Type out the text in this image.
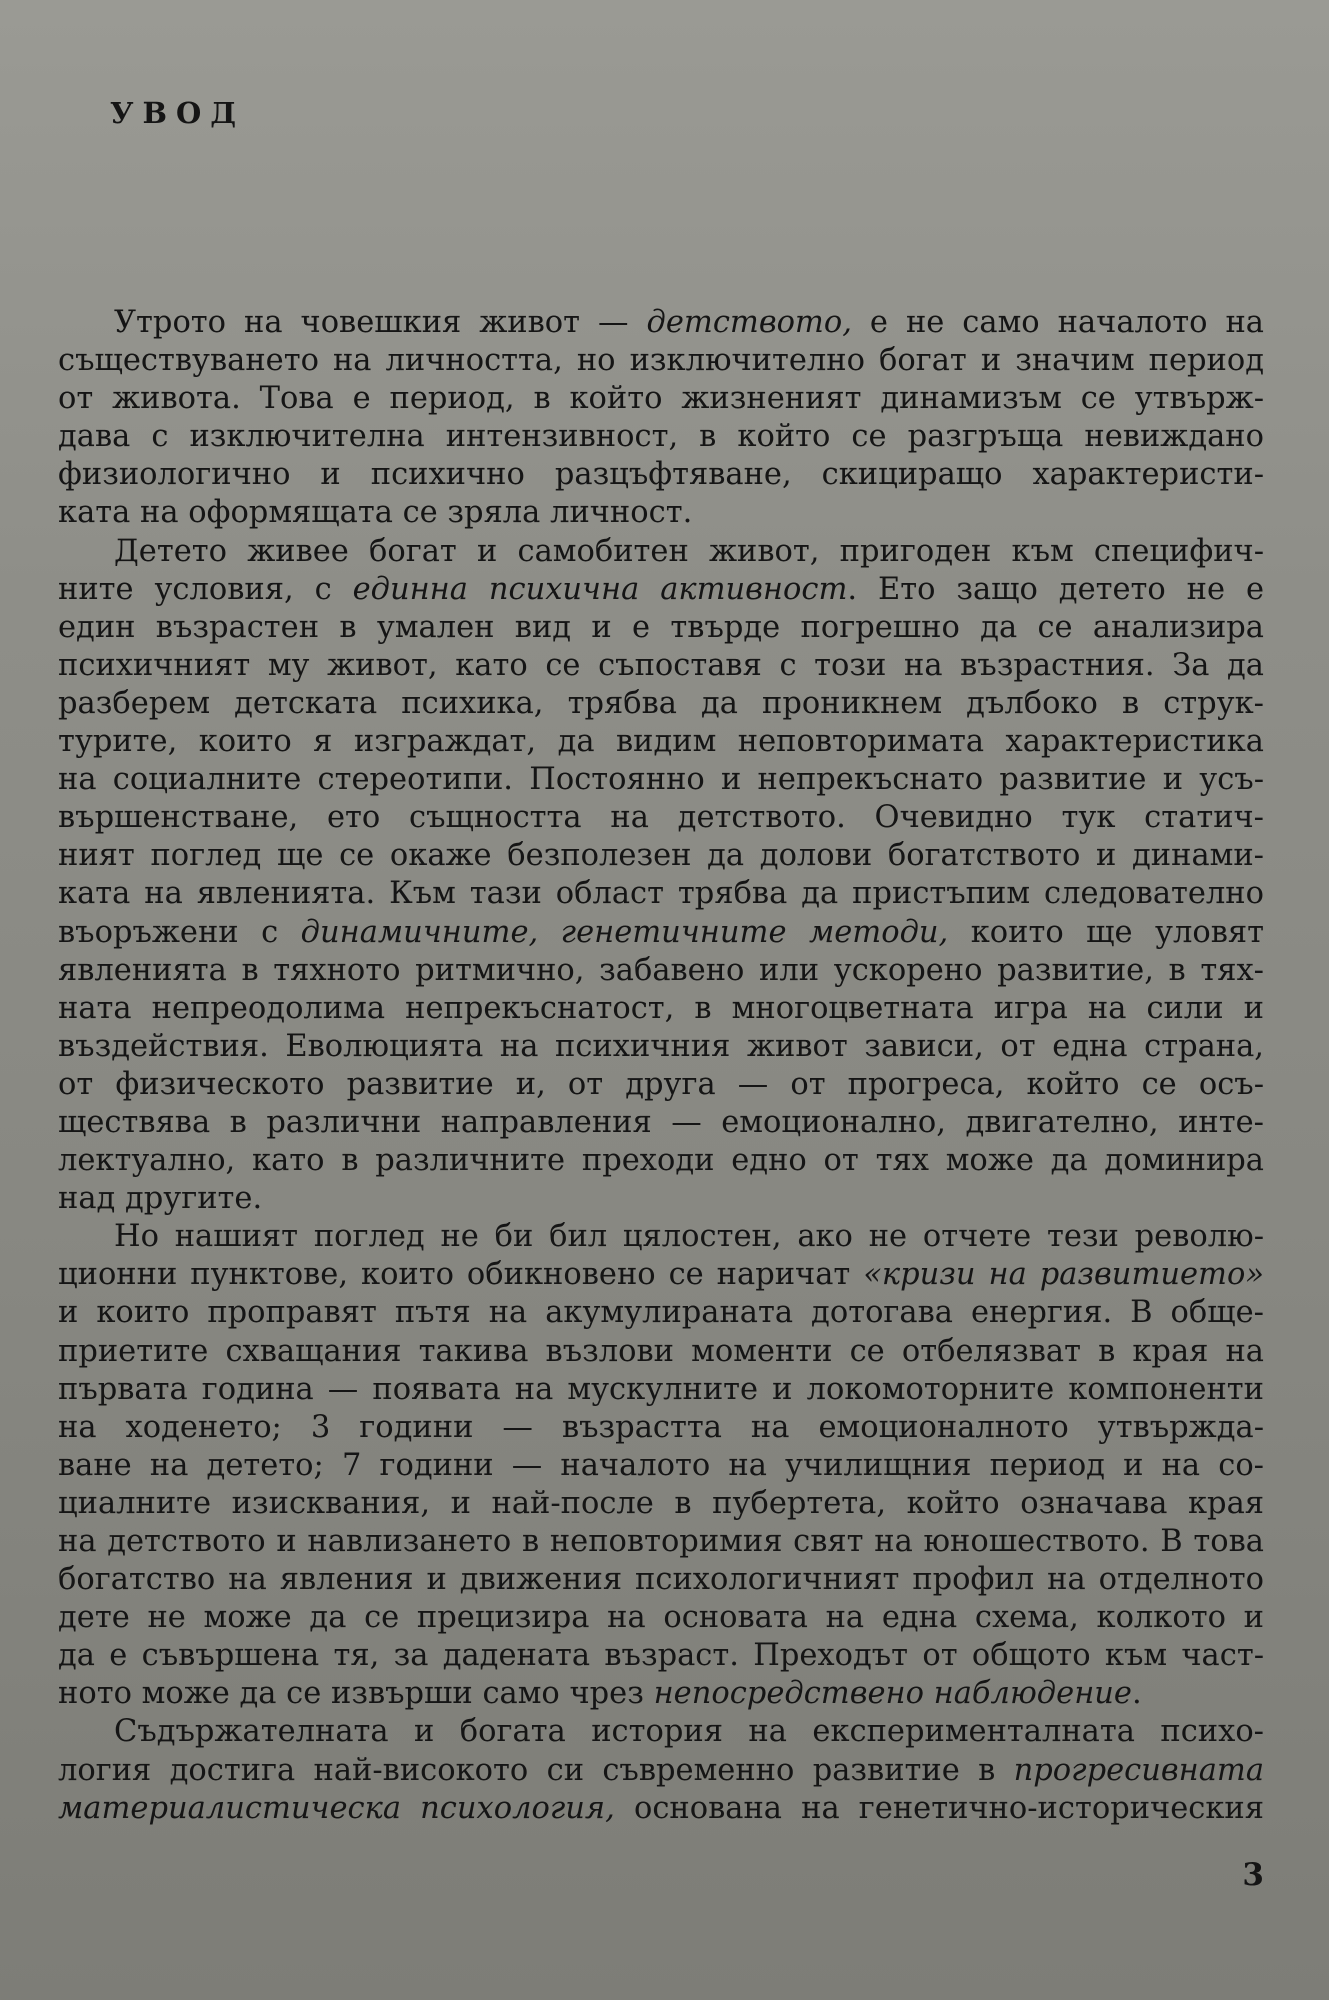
УВОД
Утрото на човешкия живот — детството, е не само началото на
съществуването на личността, но изключително богат и значим период
от живота. Това е период, в който жизненият динамизъм се утвърж-
дава с изключителна интензивност, в който се разгръща невиждано
физиологично и психично разцъфтяване, скициращо характеристи-
ката на оформящата се зряла личност.
Детето живее богат и самобитен живот, пригоден към специфич-
ните условия, с единна психична активност. Ето защо детето не е
един възрастен в умален вид и е твърде погрешно да се анализира
психичният му живот, като се съпоставя с този на възрастния. За да
разберем детската психика, трябва да проникнем дълбоко в струк-
турите, които я изграждат, да видим неповторимата характеристика
на социалните стереотипи. Постоянно и непрекъснато развитие и усъ-
вършенстване, ето същността на детството. Очевидно тук статич-
ният поглед ще се окаже безполезен да долови богатството и динами-
ката на явленията. Към тази област трябва да пристъпим следователно
въоръжени с динамичните, генетичните методи, които ще уловят
явленията в тяхното ритмично, забавено или ускорено развитие, в тях-
ната непреодолима непрекъснатост, в многоцветната игра на сили и
въздействия. Еволюцията на психичния живот зависи, от една страна,
от физическото развитие и, от друга — от прогреса, който се осъ-
ществява в различни направления — емоционално, двигателно, инте-
лектуално, като в различните преходи едно от тях може да доминира
над другите.
Но нашият поглед не би бил цялостен, ако не отчете тези револю-
ционни пунктове, които обикновено се наричат «кризи на развитието»
и които проправят пътя на акумулираната дотогава енергия. В обще-
приетите схващания такива възлови моменти се отбелязват в края на
първата година — появата на мускулните и локомоторните компоненти
на ходенето; 3 години — възрастта на емоционалното утвържда-
ване на детето; 7 години — началото на училищния период и на со-
циалните изисквания, и най-после в пубертета, който означава края
на детството и навлизането в неповторимия свят на юношеството. В това
богатство на явления и движения психологичният профил на отделното
дете не може да се прецизира на основата на една схема, колкото и
да е съвършена тя, за дадената възраст. Преходът от общото към част-
ното може да се извърши само чрез непосредствено наблюдение.
Съдържателната и богата история на експерименталната психо-
логия достига най-високото си съвременно развитие в прогресивната
материалистическа психология, основана на генетично-историческия
3
